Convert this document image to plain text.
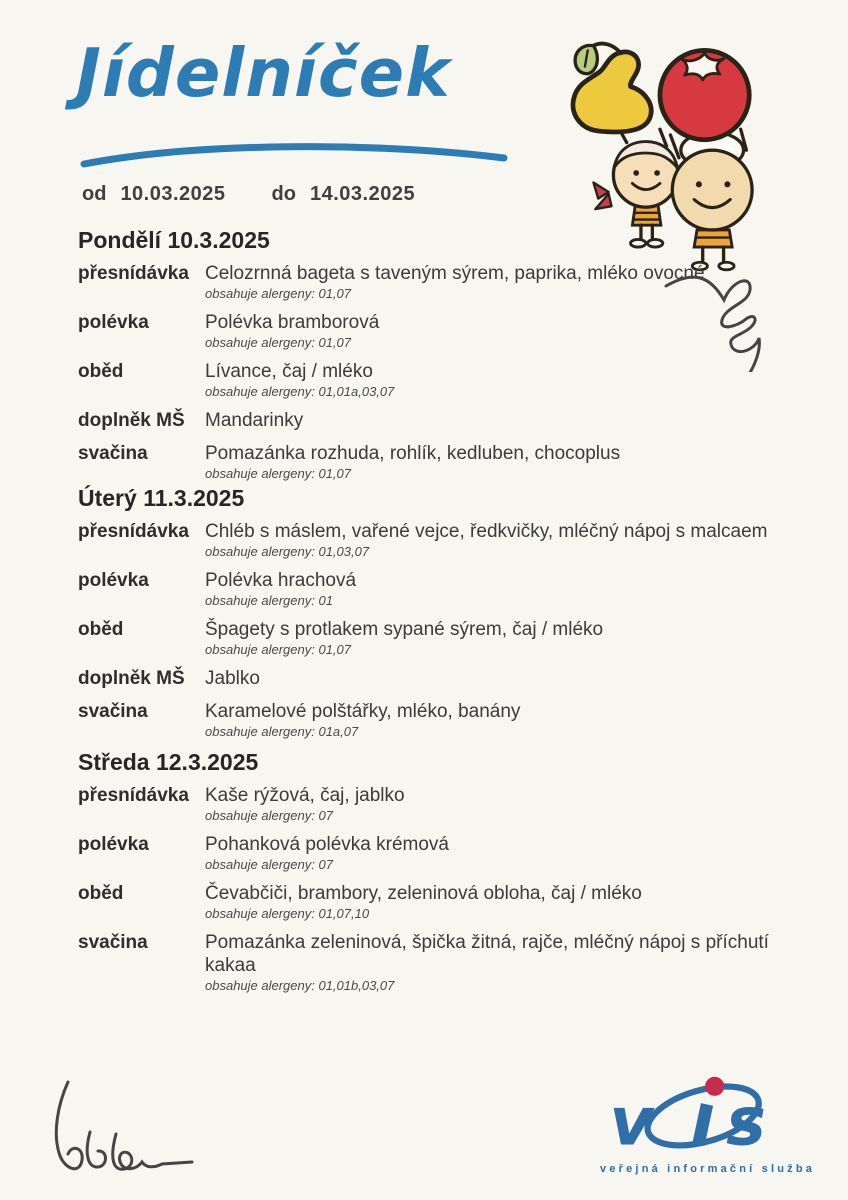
Jídelníček
od 10.03.2025 do 14.03.2025
Pondělí 10.3.2025
přesnídávka Celozrnná bageta s taveným sýrem, paprika, mléko ovocné
obsahuje alergeny: 01,07
polévka	Polévka bramborová
obsahuje alergeny: 01,07
oběd	Lívance, čaj / mléko
obsahuje alergeny: 01,01a,03,07
doplněk MŠ	Mandarinky
svačina	Pomazánka rozhuda, rohlík, kedluben, chocoplus
obsahuje alergeny: 01,07
Úterý 11.3.2025
přesnídávka Chléb s máslem, vařené vejce, ředkvičky, mléčný nápoj s malcaem
obsahuje alergeny: 01,03,07
polévka	Polévka hrachová
obsahuje alergeny: 01
oběd	Špagety s protlakem sypané sýrem, čaj / mléko
obsahuje alergeny: 01,07
doplněk MŠ	Jablko
svačina	Karamelové polštářky, mléko, banány
obsahuje alergeny: 01a,07
Středa 12.3.2025
přesnídávka Kaše rýžová, čaj, jablko
obsahuje alergeny: 07
polévka	Pohanková polévka krémová
obsahuje alergeny: 07
oběd	Čevabčiči, brambory, zeleninová obloha, čaj / mléko
obsahuje alergeny: 01,07,10
svačina	Pomazánka zeleninová, špička žitná, rajče, mléčný nápoj s příchutí kakaa
obsahuje alergeny: 01,01b,03,07
v s
veřejná informační služba
